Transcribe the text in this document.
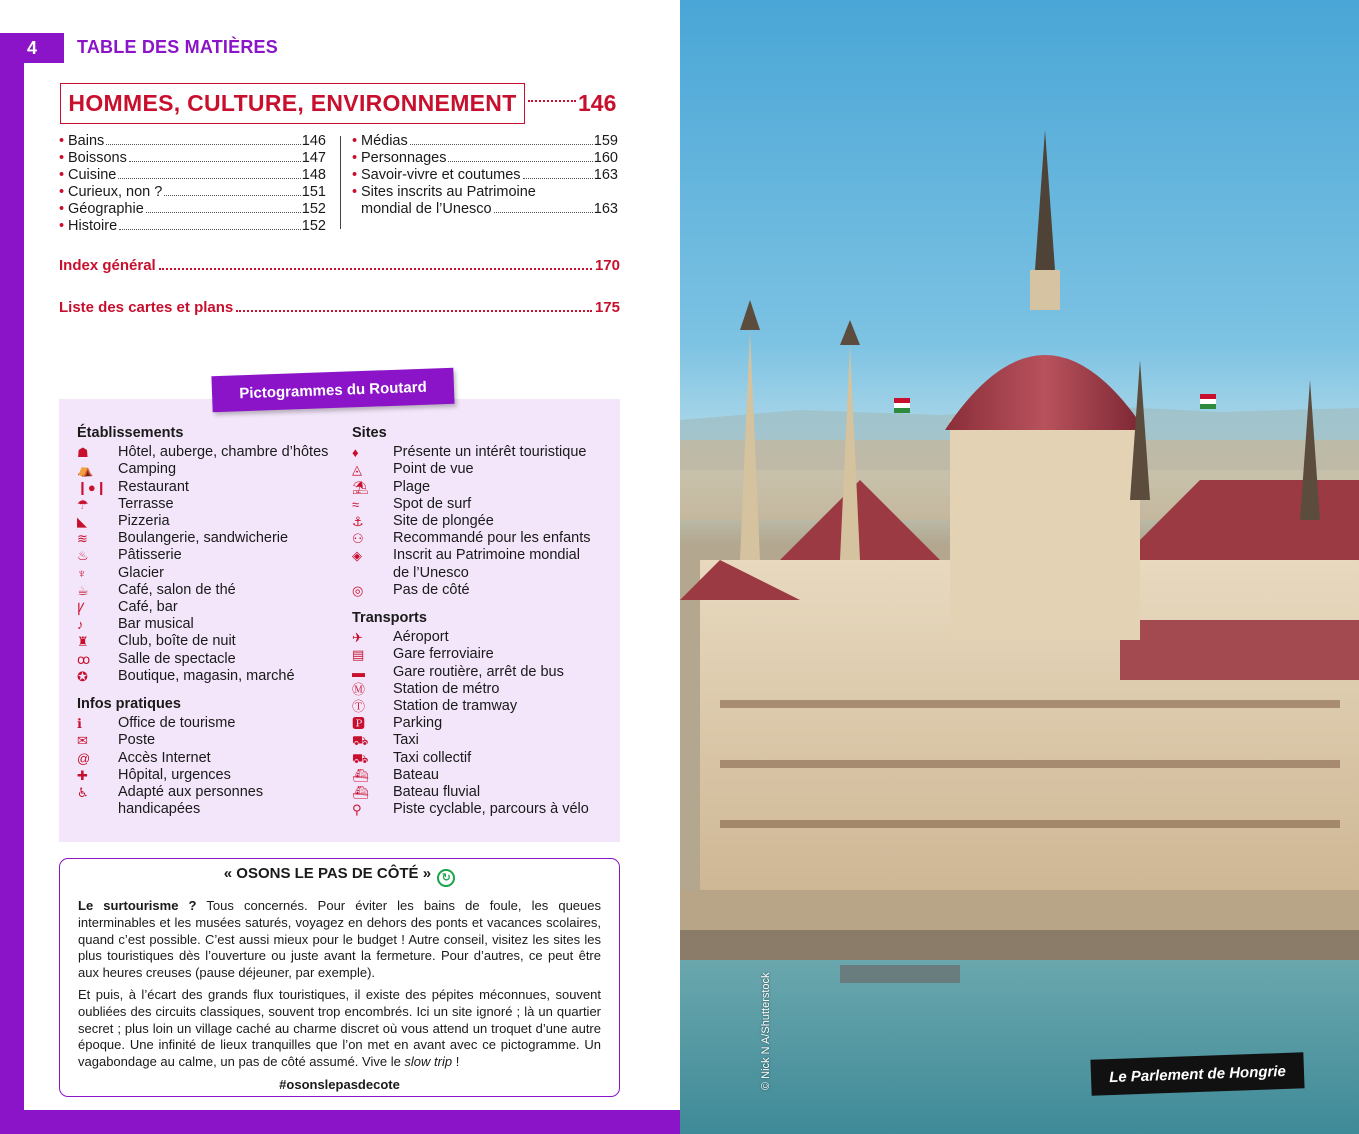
4	TABLE DES MATIÈRES
HOMMES, CULTURE, ENVIRONNEMENT	146
• Bains	146
• Boissons	147
• Cuisine	148
• Curieux, non ?	151
• Géographie	152
• Histoire	152
• Médias	159
• Personnages	160
• Savoir-vivre et coutumes	163
• Sites inscrits au Patrimoine
mondial de l’Unesco	163
Index général	170
Liste des cartes et plans	175
Pictogrammes du Routard
Établissements
☗	Hôtel, auberge, chambre d’hôtes
⛺	Camping
❙●❙ Restaurant
☂	Terrasse
◣	Pizzeria
≋	Boulangerie, sandwicherie
♨	Pâtisserie
♆	Glacier
☕	Café, salon de thé
Ꝩ	Café, bar
♪	Bar musical
♜	Club, boîte de nuit
ꝏ	Salle de spectacle
✪	Boutique, magasin, marché
Infos pratiques
ℹ	Office de tourisme
✉	Poste
@	Accès Internet
✚	Hôpital, urgences
♿	Adapté aux personnes
handicapées
Sites
♦	Présente un intérêt touristique
◬	Point de vue
⛱	Plage
≈	Spot de surf
⚓	Site de plongée
⚇	Recommandé pour les enfants
◈	Inscrit au Patrimoine mondial
de l’Unesco
◎	Pas de côté
Transports
✈	Aéroport
▤	Gare ferroviaire
▬	Gare routière, arrêt de bus
Ⓜ	Station de métro
Ⓣ	Station de tramway
🅿	Parking
⛟	Taxi
⛟	Taxi collectif
⛴	Bateau
⛴	Bateau fluvial
⚲	Piste cyclable, parcours à vélo
« OSONS LE PAS DE CÔTÉ » ↻

Le surtourisme ? Tous concernés. Pour éviter les bains de foule, les queues interminables et les musées saturés, voyagez en dehors des ponts et vacances scolaires, quand c’est possible. C’est aussi mieux pour le budget ! Autre conseil, visitez les sites les plus touristiques dès l’ouverture ou juste avant la fermeture. Pour d’autres, ce peut être aux heures creuses (pause déjeuner, par exemple).

Et puis, à l’écart des grands flux touristiques, il existe des pépites méconnues, souvent oubliées des circuits classiques, souvent trop encombrés. Ici un site ignoré ; là un quartier secret ; plus loin un village caché au charme discret où vous attend un troquet d’une autre époque. Une infinité de lieux tranquilles que l’on met en avant avec ce pictogramme. Un vagabondage au calme, un pas de côté assumé. Vive le slow trip !

#osonslepasdecote	© Nick N A/Shutterstock	Le Parlement de Hongrie
